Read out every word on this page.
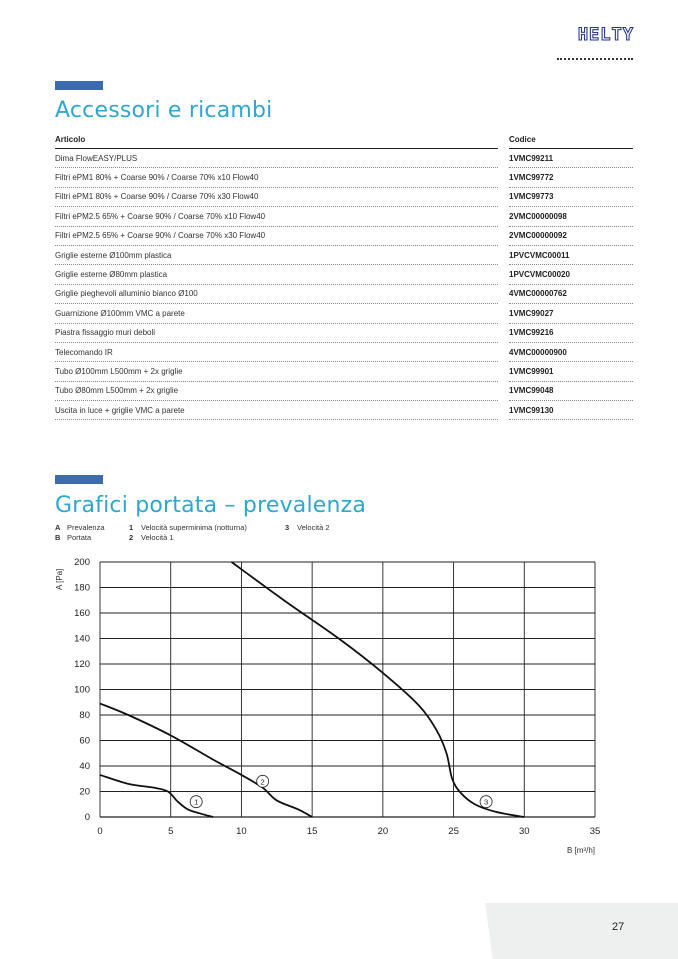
HELTY
Accessori e ricambi
Articolo	Codice
Dima FlowEASY/PLUS	1VMC99211
Filtri ePM1 80% + Coarse 90% / Coarse 70% x10 Flow40	1VMC99772
Filtri ePM1 80% + Coarse 90% / Coarse 70% x30 Flow40	1VMC99773
Filtri ePM2.5 65% + Coarse 90% / Coarse 70% x10 Flow40	2VMC00000098
Filtri ePM2.5 65% + Coarse 90% / Coarse 70% x30 Flow40	2VMC00000092
Griglie esterne Ø100mm plastica	1PVCVMC00011
Griglie esterne Ø80mm plastica	1PVCVMC00020
Griglie pieghevoli alluminio bianco Ø100	4VMC00000762
Guarnizione Ø100mm VMC a parete	1VMC99027
Piastra fissaggio muri deboli	1VMC99216
Telecomando IR	4VMC00000900
Tubo Ø100mm L500mm + 2x griglie	1VMC99901
Tubo Ø80mm L500mm + 2x griglie	1VMC99048
Uscita in luce + griglie VMC a parete	1VMC99130
Grafici portata – prevalenza
A Prevalenza	1	Velocità superminima (notturna)	3	Velocità 2
B Portata	2	Velocità 1
0
20
40
60
80
100
120
140
160
180
200
0	5	10	15	20	25	30	35
A [Pa]
B [m³/h]
1
2
3
27
